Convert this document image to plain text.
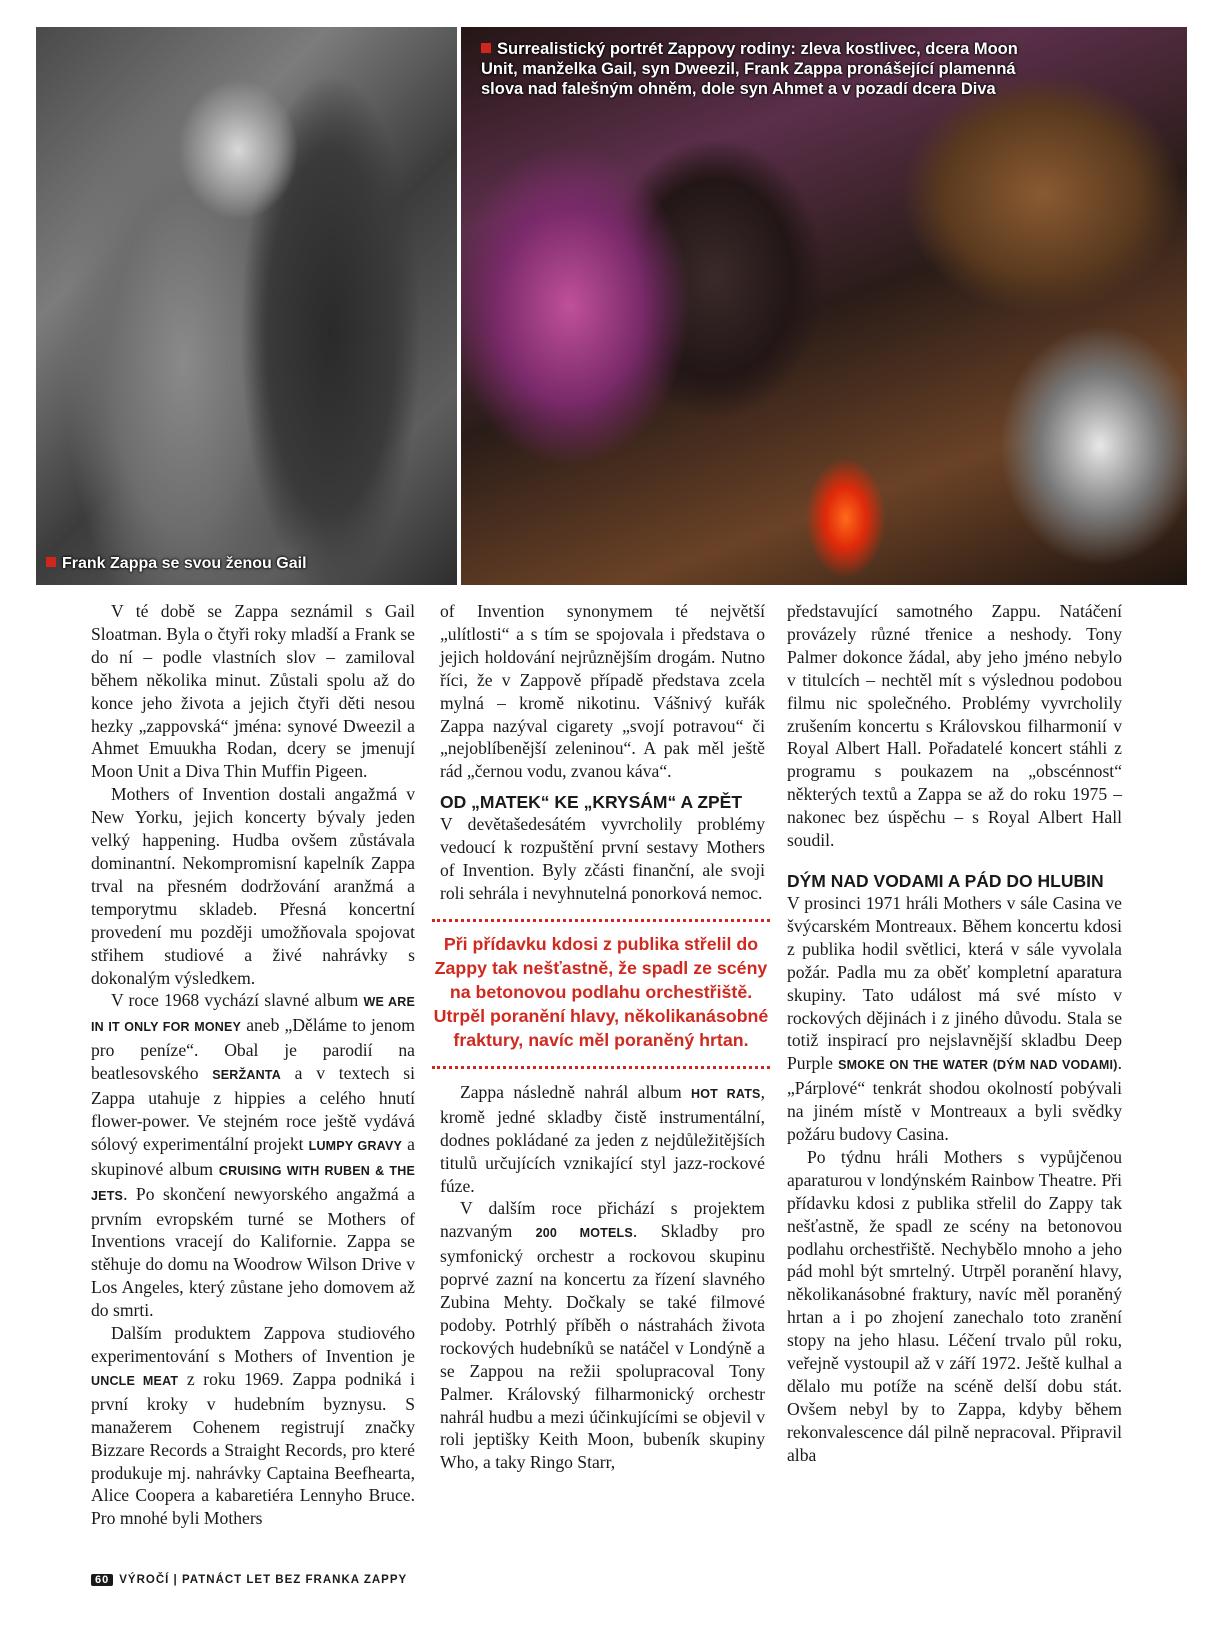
Frank Zappa se svou ženou Gail
Surrealistický portrét Zappovy rodiny: zleva kostlivec, dcera Moon Unit, manželka Gail, syn Dweezil, Frank Zappa pronášející plamenná slova nad falešným ohněm, dole syn Ahmet a v pozadí dcera Diva

V té době se Zappa seznámil s Gail Sloatman. Byla o čtyři roky mladší a Frank se do ní – podle vlastních slov – zamiloval během několika minut. Zůstali spolu až do konce jeho života a jejich čtyři děti nesou hezky „zappovská“ jména: synové Dweezil a Ahmet Emuukha Rodan, dcery se jmenují Moon Unit a Diva Thin Muffin Pigeen.

Mothers of Invention dostali angažmá v New Yorku, jejich koncerty bývaly jeden velký happening. Hudba ovšem zůstávala dominantní. Nekompromisní kapelník Zappa trval na přesném dodržování aranžmá a temporytmu skladeb. Přesná koncertní provedení mu později umožňovala spojovat střihem studiové a živé nahrávky s dokonalým výsledkem.

V roce 1968 vychází slavné album WE ARE IN IT ONLY FOR MONEY aneb „Děláme to jenom pro peníze“. Obal je parodií na beatlesovského SERŽANTA a v textech si Zappa utahuje z hippies a celého hnutí flower-power. Ve stejném roce ještě vydává sólový experimentální projekt LUMPY GRAVY a skupinové album CRUISING WITH RUBEN & THE JETS. Po skončení newyorského angažmá a prvním evropském turné se Mothers of Inventions vracejí do Kalifornie. Zappa se stěhuje do domu na Woodrow Wilson Drive v Los Angeles, který zůstane jeho domovem až do smrti.

Dalším produktem Zappova studiového experimentování s Mothers of Invention je UNCLE MEAT z roku 1969. Zappa podniká i první kroky v hudebním byznysu. S manažerem Cohenem registrují značky Bizzare Records a Straight Records, pro které produkuje mj. nahrávky Captaina Beefhearta, Alice Coopera a kabaretiéra Lennyho Bruce. Pro mnohé byli Mothers

of Invention synonymem té největší „ulítlosti“ a s tím se spojovala i představa o jejich holdování nejrůznějším drogám. Nutno říci, že v Zappově případě představa zcela mylná – kromě nikotinu. Vášnivý kuřák Zappa nazýval cigarety „svojí potravou“ či „nejoblíbenější zeleninou“. A pak měl ještě rád „černou vodu, zvanou káva“.

OD „MATEK“ KE „KRYSÁM“ A ZPĚT

V devětašedesátém vyvrcholily problémy vedoucí k rozpuštění první sestavy Mothers of Invention. Byly zčásti finanční, ale svoji roli sehrála i nevyhnutelná ponorková nemoc.

Při přídavku kdosi z publika střelil do Zappy tak nešťastně, že spadl ze scény na betonovou podlahu orchestřiště. Utrpěl poranění hlavy, několikanásobné fraktury, navíc měl poraněný hrtan.

Zappa následně nahrál album HOT RATS, kromě jedné skladby čistě instrumentální, dodnes pokládané za jeden z nejdůležitějších titulů určujících vznikající styl jazz-rockové fúze.

V dalším roce přichází s projektem nazvaným 200 MOTELS. Skladby pro symfonický orchestr a rockovou skupinu poprvé zazní na koncertu za řízení slavného Zubina Mehty. Dočkaly se také filmové podoby. Potrhlý příběh o nástrahách života rockových hudebníků se natáčel v Londýně a se Zappou na režii spolupracoval Tony Palmer. Královský filharmonický orchestr nahrál hudbu a mezi účinkujícími se objevil v roli jeptišky Keith Moon, bubeník skupiny Who, a taky Ringo Starr,

představující samotného Zappu. Natáčení provázely různé třenice a neshody. Tony Palmer dokonce žádal, aby jeho jméno nebylo v titulcích – nechtěl mít s výslednou podobou filmu nic společného. Problémy vyvrcholily zrušením koncertu s Královskou filharmonií v Royal Albert Hall. Pořadatelé koncert stáhli z programu s poukazem na „obscénnost“ některých textů a Zappa se až do roku 1975 – nakonec bez úspěchu – s Royal Albert Hall soudil.

DÝM NAD VODAMI A PÁD DO HLUBIN

V prosinci 1971 hráli Mothers v sále Casina ve švýcarském Montreaux. Během koncertu kdosi z publika hodil světlici, která v sále vyvolala požár. Padla mu za oběť kompletní aparatura skupiny. Tato událost má své místo v rockových dějinách i z jiného důvodu. Stala se totiž inspirací pro nejslavnější skladbu Deep Purple SMOKE ON THE WATER (DÝM NAD VODAMI). „Párplové“ tenkrát shodou okolností pobývali na jiném místě v Montreaux a byli svědky požáru budovy Casina.

Po týdnu hráli Mothers s vypůjčenou aparaturou v londýnském Rainbow Theatre. Při přídavku kdosi z publika střelil do Zappy tak nešťastně, že spadl ze scény na betonovou podlahu orchestřiště. Nechybělo mnoho a jeho pád mohl být smrtelný. Utrpěl poranění hlavy, několikanásobné fraktury, navíc měl poraněný hrtan a i po zhojení zanechalo toto zranění stopy na jeho hlasu. Léčení trvalo půl roku, veřejně vystoupil až v září 1972. Ještě kulhal a dělalo mu potíže na scéně delší dobu stát. Ovšem nebyl by to Zappa, kdyby během rekonvalescence dál pilně nepracoval. Připravil alba

60 VÝROČÍ | PATNÁCT LET BEZ FRANKA ZAPPY
